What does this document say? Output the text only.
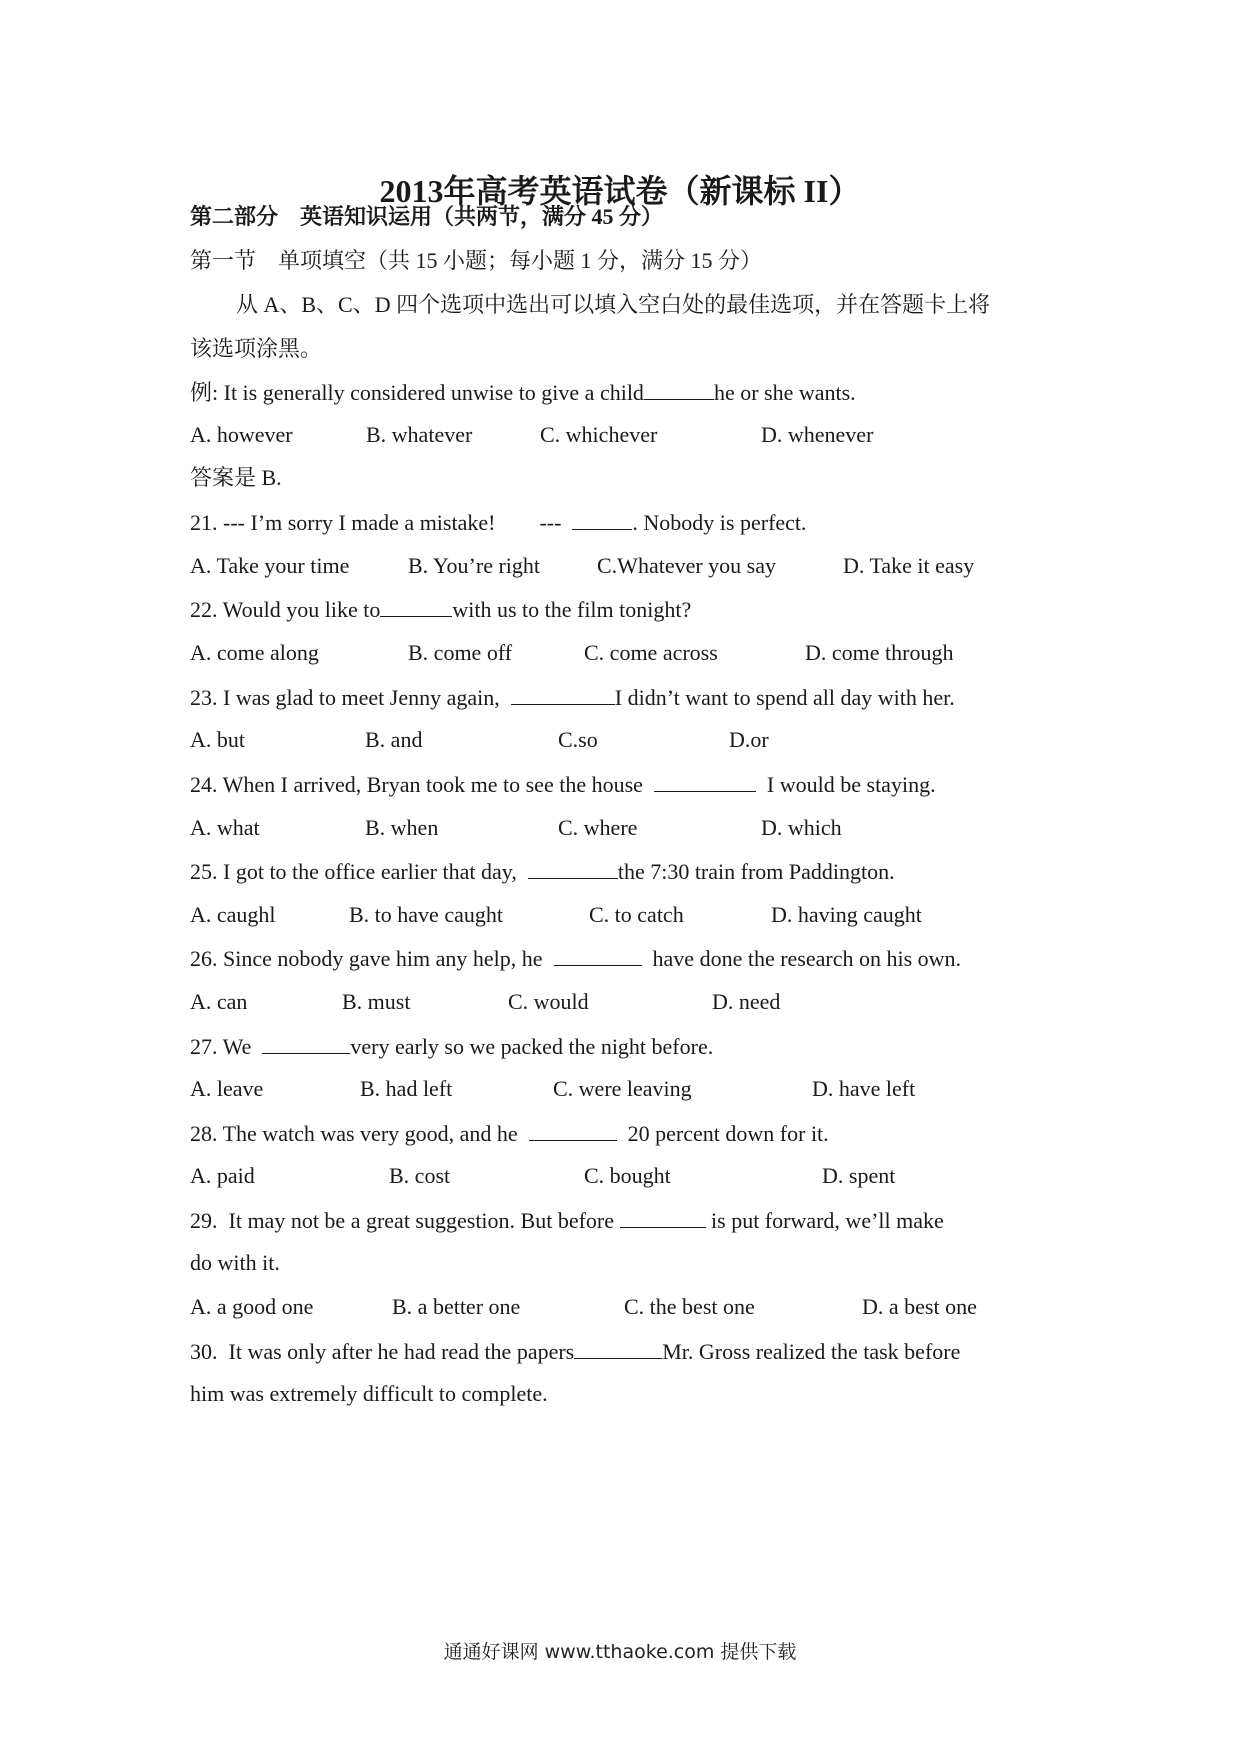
2013年高考英语试卷（新课标 II）
第二部分　英语知识运用（共两节，满分 45 分）
第一节　单项填空（共 15 小题；每小题 1 分，满分 15 分）
从 A、B、C、D 四个选项中选出可以填入空白处的最佳选项，并在答题卡上将
该选项涂黑。
例: It is generally considered unwise to give a child	he or she wants.

A. however

	B. whatever

	C. whichever

	D. whenever

答案是 B.
21. --- I’m sorry I made a mistake!        ---	. Nobody is perfect.

A. Take your time

	B. You’re right

	C.Whatever you say

	D. Take it easy

22. Would you like to	with us to the film tonight?

A. come along

	B. come off

	C. come across

	D. come through

23. I was glad to meet Jenny again,	I didn’t want to spend all day with her.

A. but

	B. and

	C.so

	D.or

24. When I arrived, Bryan took me to see the house	I would be staying.

A. what

	B. when

	C. where

	D. which

25. I got to the office earlier that day,	the 7:30 train from Paddington.

A. caughl

	B. to have caught

	C. to catch

	D. having caught

26. Since nobody gave him any help, he	have done the research on his own.

A. can

	B. must

	C. would

	D. need

27. We	very early so we packed the night before.

A. leave

	B. had left

	C. were leaving

	D. have left

28. The watch was very good, and he	20 percent down for it.

A. paid

	B. cost

	C. bought

	D. spent

29.  It may not be a great suggestion. But before	is put forward, we’ll make
do with it.

A. a good one

	B. a better one

	C. the best one

	D. a best one

30.  It was only after he had read the papers	Mr. Gross realized the task before
him was extremely difficult to complete.
通通好课网 www.tthaoke.com 提供下载
